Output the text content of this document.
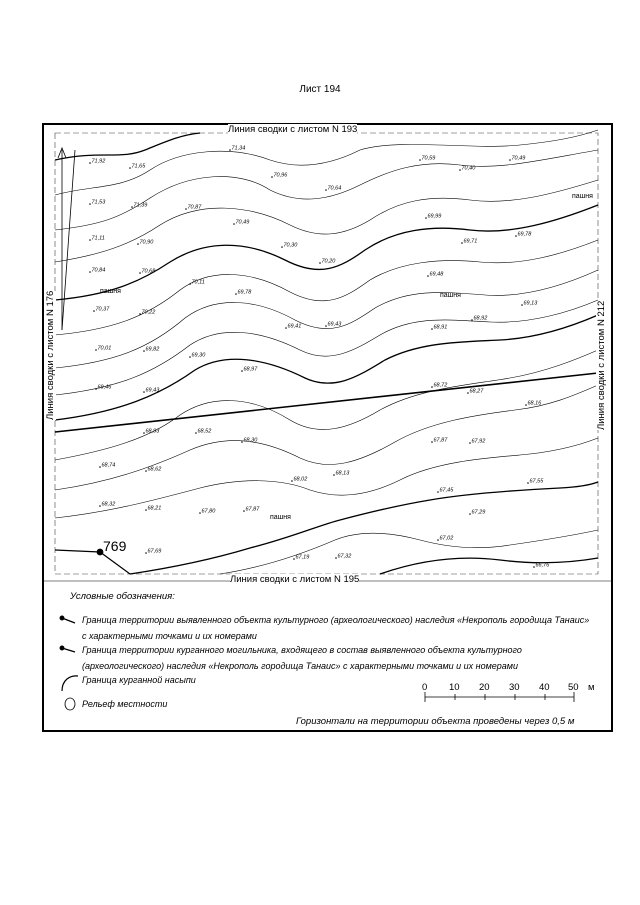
Лист 194
71,92
71,65
71,34
70,96
70,59
70,40
70,49
71,53	71,39	70,87
70,64
69,99
69,71
69,78
71,11
70,90
70,49
70,30
70,20
69,48
69,13
70,84	70,68
70,11
69,78
68,92
68,91
70,37	70,22
69,41	69,43
70,01	69,82
69,30
68,97
68,72
68,27
68,16
69,46	69,43
68,93	68,52
68,30	67,87	67,92
68,74
68,62
68,02
68,13
67,45
67,55
68,32
68,21	67,80	67,87	67,29
67,69
67,19	67,32
67,02
66,76
пашня
пашня
пашня
пашня
769
Линия сводки с листом N 193
Линия сводки с листом N 195
Линия сводки с листом N 176	Линия сводки с листом N 212
Условные обозначения:
Граница территории выявленного объекта культурного (археологического) наследия «Некрополь городища Танаис» с характерными точками и их номерами
Граница территории курганного могильника, входящего в состав выявленного объекта культурного (археологического) наследия «Некрополь городища Танаис» с характерными точками и их номерами
Граница курганной насыпи
Рельеф местности
0 10 20 30 40 50 м
Горизонтали на территории объекта проведены через 0,5 м
